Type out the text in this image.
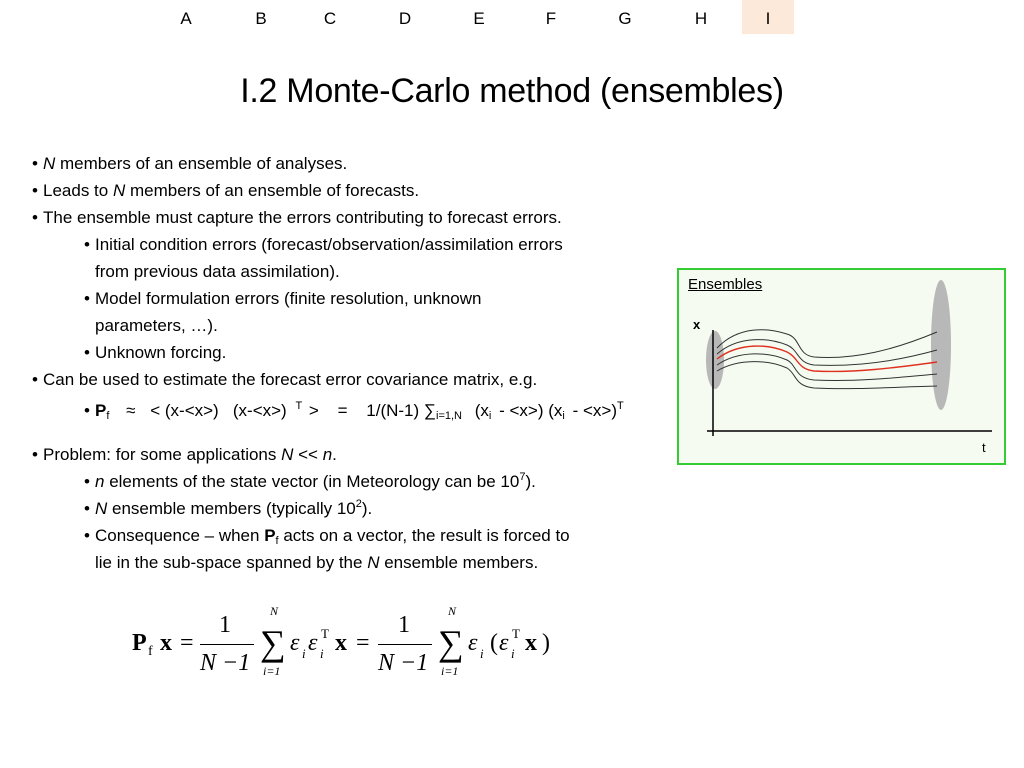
A	B	C	D	E	F	G	H	I
I.2 Monte-Carlo method (ensembles)
• N members of an ensemble of analyses.
• Leads to N members of an ensemble of forecasts.
• The ensemble must capture the errors contributing to forecast errors.
• Initial condition errors (forecast/observation/assimilation errors
from previous data assimilation).
• Model formulation errors (finite resolution, unknown
parameters, …).
• Unknown forcing.
• Can be used to estimate the forecast error covariance matrix, e.g.
• $P_f$ ≈ < (x-<x>)   (x-<x>) $^T$ > = 1/(N-1) $\sum_{i=1,N}$ $(x_i - <x>)$ $(x_i - <x>)^T$
• Problem: for some applications N << n.
• n elements of the state vector (in Meteorology can be $10^7$).
• N ensemble members (typically $10^2$).
• Consequence – when $P_f$ acts on a vector, the result is forced to
lie in the sub-space spanned by the N ensemble members.
Ensembles
x
t
P f x =
1
N −1 ∑
N
i=1
ε i ε T
i x =
1
N −1 ∑
N
i=1
ε i ( ε T
i x )
